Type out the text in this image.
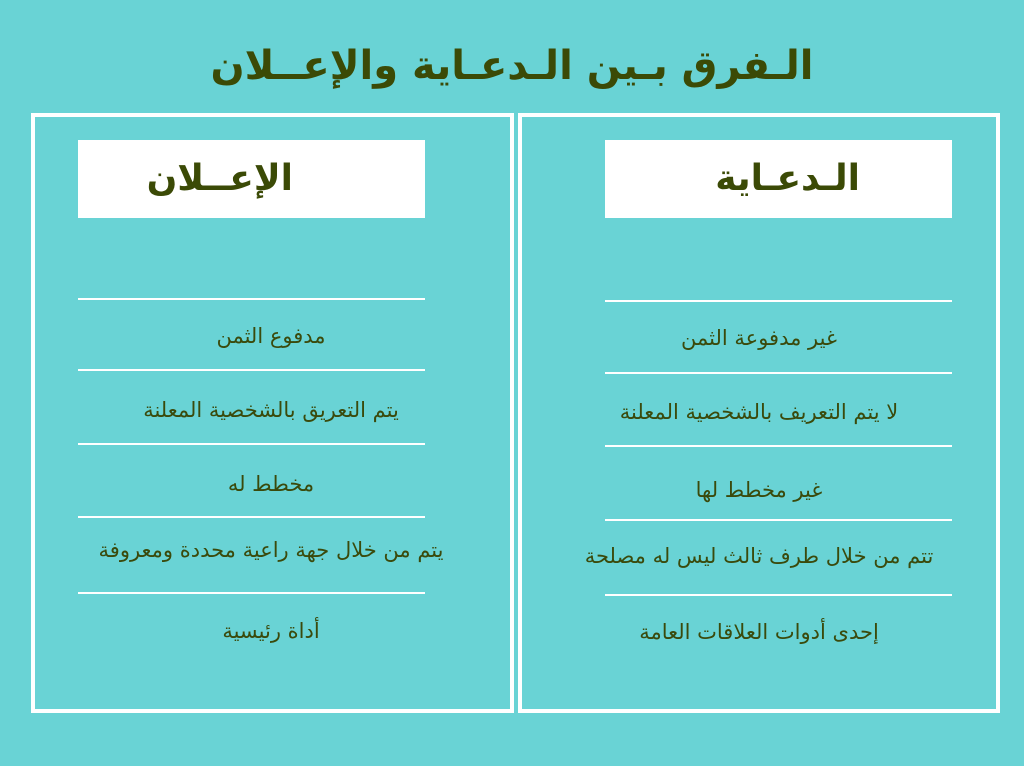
الـفرق بـين الـدعـاية والإعــلان
الإعــلان
مدفوع الثمن
يتم التعريق بالشخصية المعلنة
مخطط له
يتم من خلال جهة راعية محددة ومعروفة
أداة رئيسية
الـدعـاية
غير مدفوعة الثمن
لا يتم التعريف بالشخصية المعلنة
غير مخطط لها
تتم من خلال طرف ثالث ليس له مصلحة
إحدى أدوات العلاقات العامة
